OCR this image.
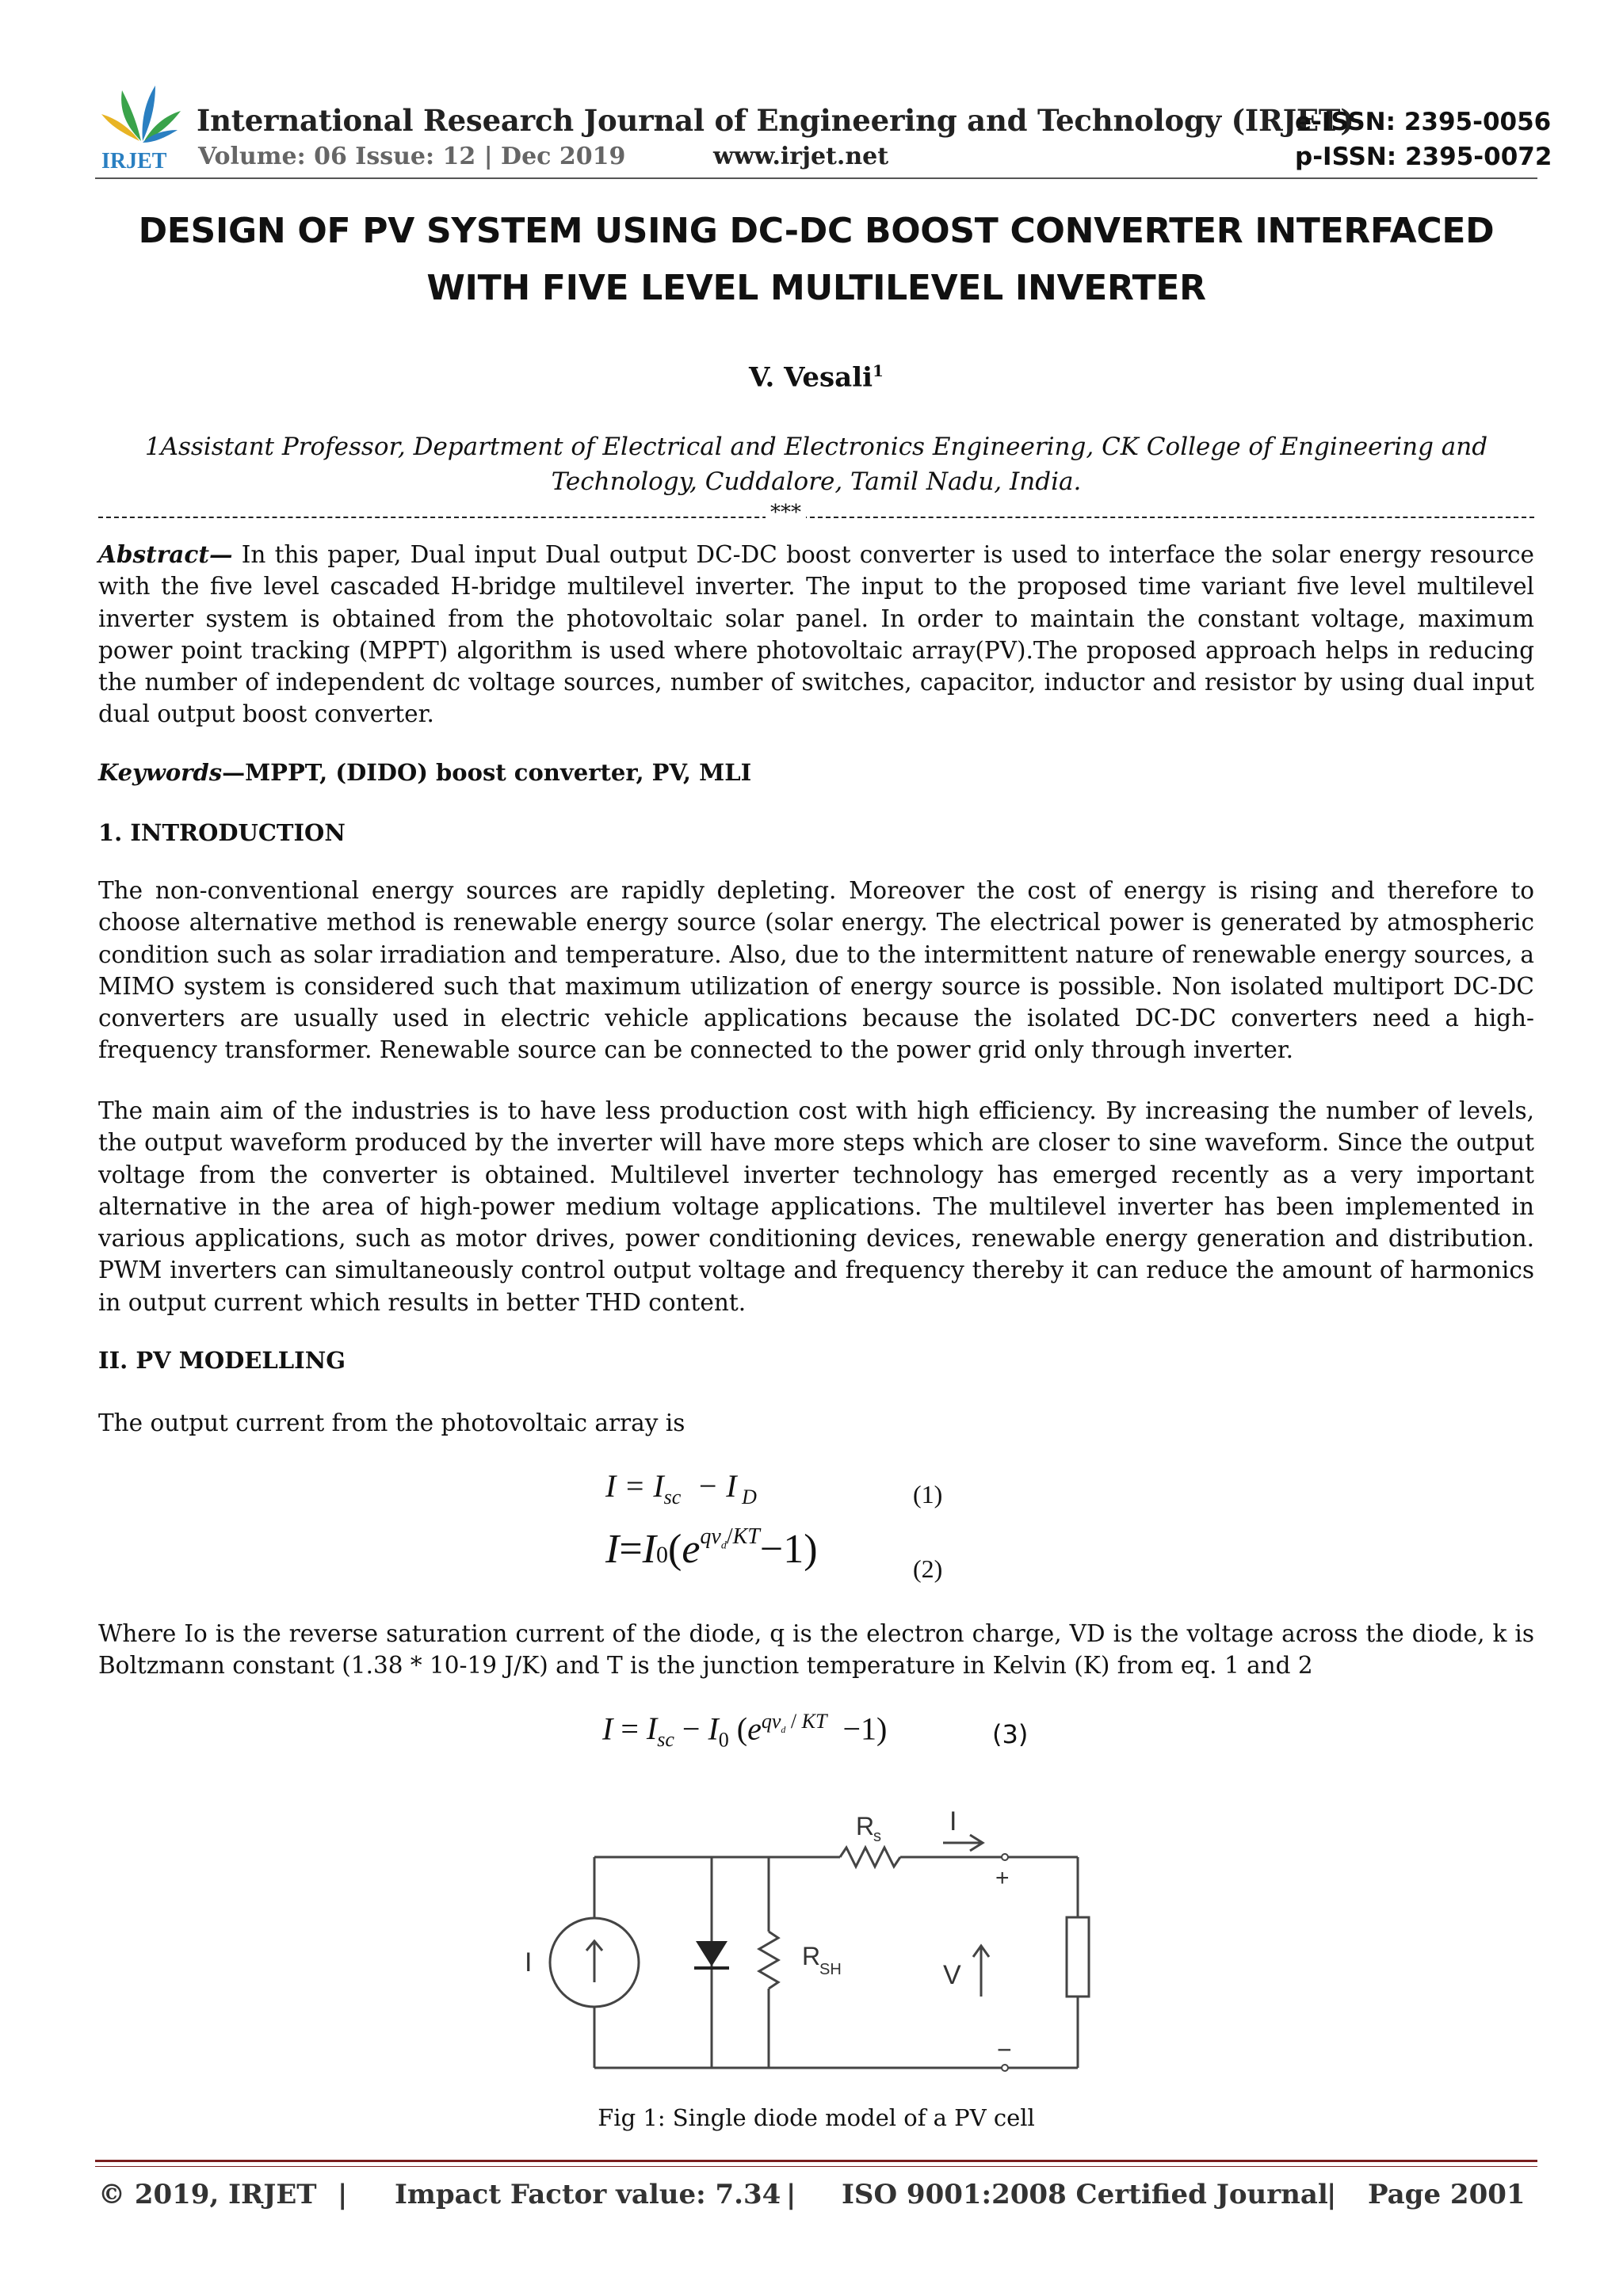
IRJET
International Research Journal of Engineering and Technology (IRJET)
e-ISSN: 2395-0056
Volume: 06 Issue: 12 | Dec 2019	www.irjet.net	p-ISSN: 2395-0072
DESIGN OF PV SYSTEM USING DC-DC BOOST CONVERTER INTERFACED
WITH FIVE LEVEL MULTILEVEL INVERTER
V. Vesali$^1$
1Assistant Professor, Department of Electrical and Electronics Engineering, CK College of Engineering and
Technology, Cuddalore, Tamil Nadu, India.
***
Abstract— In this paper, Dual input Dual output DC-DC boost converter is used to interface the solar energy resource with the five level cascaded H-bridge multilevel inverter. The input to the proposed time variant five level multilevel inverter system is obtained from the photovoltaic solar panel. In order to maintain the constant voltage, maximum power point tracking (MPPT) algorithm is used where photovoltaic array(PV).The proposed approach helps in reducing the number of independent dc voltage sources, number of switches, capacitor, inductor and resistor by using dual input dual output boost converter.
Keywords—MPPT, (DIDO) boost converter, PV, MLI
1. INTRODUCTION
The non-conventional energy sources are rapidly depleting. Moreover the cost of energy is rising and therefore to choose alternative method is renewable energy source (solar energy. The electrical power is generated by atmospheric condition such as solar irradiation and temperature. Also, due to the intermittent nature of renewable energy sources, a MIMO system is considered such that maximum utilization of energy source is possible. Non isolated multiport DC-DC converters are usually used in electric vehicle applications because the isolated DC-DC converters need a high-frequency transformer. Renewable source can be connected to the power grid only through inverter.
The main aim of the industries is to have less production cost with high efficiency. By increasing the number of levels, the output waveform produced by the inverter will have more steps which are closer to sine waveform. Since the output voltage from the converter is obtained. Multilevel inverter technology has emerged recently as a very important alternative in the area of high-power medium voltage applications. The multilevel inverter has been implemented in various applications, such as motor drives, power conditioning devices, renewable energy generation and distribution. PWM inverters can simultaneously control output voltage and frequency thereby it can reduce the amount of harmonics in output current which results in better THD content.
II. PV MODELLING
The output current from the photovoltaic array is
$I = I_{sc} - I$ $_D$	(1)
$I=I0(e^{qv_d/KT}-1)$	(2)
Where Io is the reverse saturation current of the diode, q is the electron charge, VD is the voltage across the diode, k is Boltzmann constant (1.38 * 10-19 J/K) and T is the junction temperature in Kelvin (K) from eq. 1 and 2
$I = I_{sc} - I_0$ $(e^{qv_d / KT} -1)$	(3)
I
R
s	I
+
R
SH	V
−
Fig 1: Single diode model of a PV cell
© 2019, IRJET | Impact Factor value: 7.34 | ISO 9001:2008 Certified Journal
| Page 2001
